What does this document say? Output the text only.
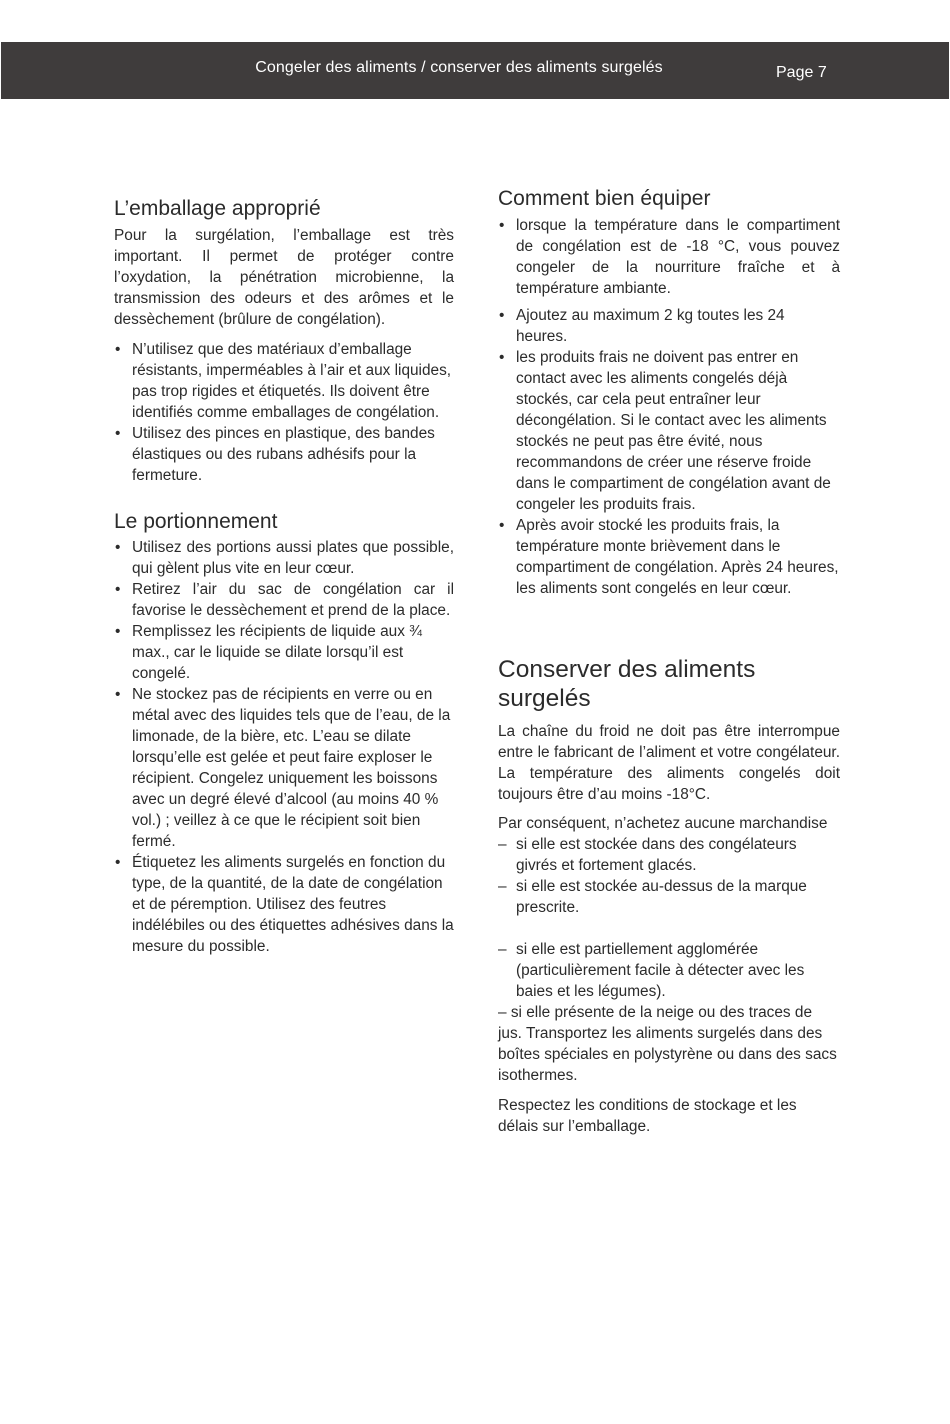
Congeler des aliments / conserver des aliments surgelés	Page 7
L’emballage approprié

Pour la surgélation, l’emballage est très important. Il permet de protéger contre l’oxydation, la pénétration microbienne, la transmission des odeurs et des arômes et le dessèchement (brûlure de congélation).

• N’utilisez que des matériaux d’emballage résistants, imperméables à l’air et aux liquides, pas trop rigides et étiquetés. Ils doivent être identifiés comme emballages de congélation.
• Utilisez des pinces en plastique, des bandes élastiques ou des rubans adhésifs pour la fermeture.
Le portionnement
• Utilisez des portions aussi plates que possible, qui gèlent plus vite en leur cœur.
• Retirez l’air du sac de congélation car il favorise le dessèchement et prend de la place.
• Remplissez les récipients de liquide aux ¾ max., car le liquide se dilate lorsqu’il est congelé.
• Ne stockez pas de récipients en verre ou en métal avec des liquides tels que de l’eau, de la limonade, de la bière, etc. L’eau se dilate lorsqu’elle est gelée et peut faire exploser le récipient. Congelez uniquement les boissons avec un degré élevé d’alcool (au moins 40 % vol.) ; veillez à ce que le récipient soit bien fermé.
• Étiquetez les aliments surgelés en fonction du type, de la quantité, de la date de congélation et de péremption. Utilisez des feutres indélébiles ou des étiquettes adhésives dans la mesure du possible.
Comment bien équiper
• lorsque la température dans le compartiment de congélation est de -18 °C, vous pouvez congeler de la nourriture fraîche et à température ambiante.
• Ajoutez au maximum 2 kg toutes les 24 heures.
• les produits frais ne doivent pas entrer en contact avec les aliments congelés déjà stockés, car cela peut entraîner leur décongélation. Si le contact avec les aliments stockés ne peut pas être évité, nous recommandons de créer une réserve froide dans le compartiment de congélation avant de congeler les produits frais.
• Après avoir stocké les produits frais, la température monte brièvement dans le compartiment de congélation. Après 24 heures, les aliments sont congelés en leur cœur.
Conserver des aliments surgelés

La chaîne du froid ne doit pas être interrompue entre le fabricant de l’aliment et votre congélateur. La température des aliments congelés doit toujours être d’au moins -18°C.

Par conséquent, n’achetez aucune marchandise

– si elle est stockée dans des congélateurs givrés et fortement glacés.
– si elle est stockée au-dessus de la marque prescrite.
– si elle est partiellement agglomérée (particulièrement facile à détecter avec les baies et les légumes).

– si elle présente de la neige ou des traces de jus. Transportez les aliments surgelés dans des boîtes spéciales en polystyrène ou dans des sacs isothermes.

Respectez les conditions de stockage et les délais sur l’emballage.
